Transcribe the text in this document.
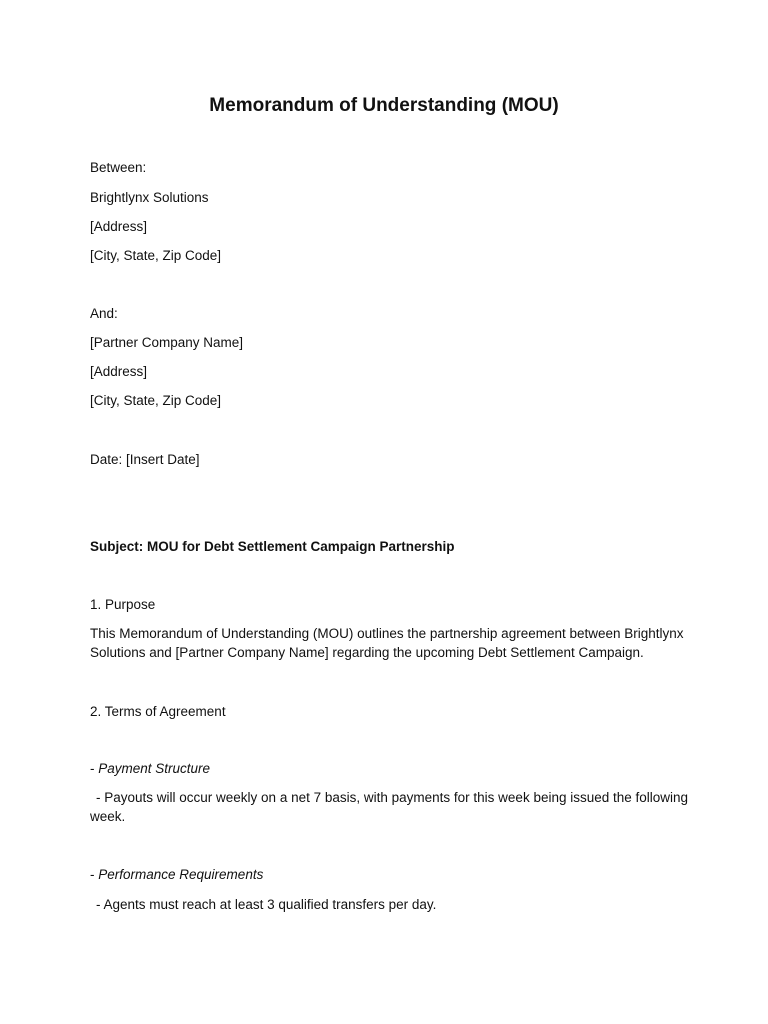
Memorandum of Understanding (MOU)
Between:
Brightlynx Solutions
[Address]
[City, State, Zip Code]
And:
[Partner Company Name]
[Address]
[City, State, Zip Code]
Date: [Insert Date]
Subject: MOU for Debt Settlement Campaign Partnership
1. Purpose
This Memorandum of Understanding (MOU) outlines the partnership agreement between Brightlynx
Solutions and [Partner Company Name] regarding the upcoming Debt Settlement Campaign.
2. Terms of Agreement
- Payment Structure
- Payouts will occur weekly on a net 7 basis, with payments for this week being issued the following
week.
- Performance Requirements
- Agents must reach at least 3 qualified transfers per day.
